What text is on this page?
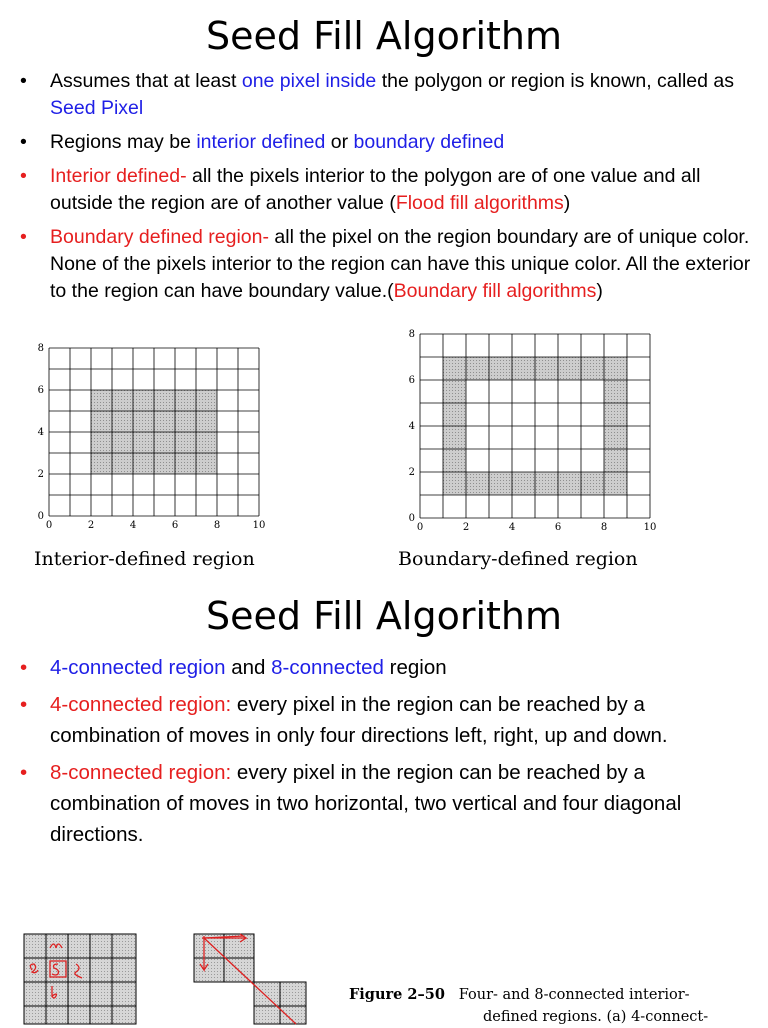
Seed Fill Algorithm
• Assumes that at least one pixel inside the polygon or region is known, called as Seed Pixel
• Regions may be interior defined or boundary defined
• Interior defined- all the pixels interior to the polygon are of one value and all outside the region are of another value (Flood fill algorithms)
• Boundary defined region- all the pixel on the region boundary are of unique color. None of the pixels interior to the region can have this unique color. All the exterior to the region can have boundary value.(Boundary fill algorithms)
0	2	4	6	8	10
0
2
4
6
8
Interior-defined region
0	2	4	6	8	10
0
2
4
6
8
Boundary-defined region
Seed Fill Algorithm
• 4-connected region and 8-connected region
• 4-connected region: every pixel in the region can be reached by a combination of moves in only four directions left, right, up and down.
• 8-connected region: every pixel in the region can be reached by a combination of moves in two horizontal, two vertical and four diagonal directions.
Figure 2–50 Four- and 8-connected interior-
defined regions. (a) 4-connect-
